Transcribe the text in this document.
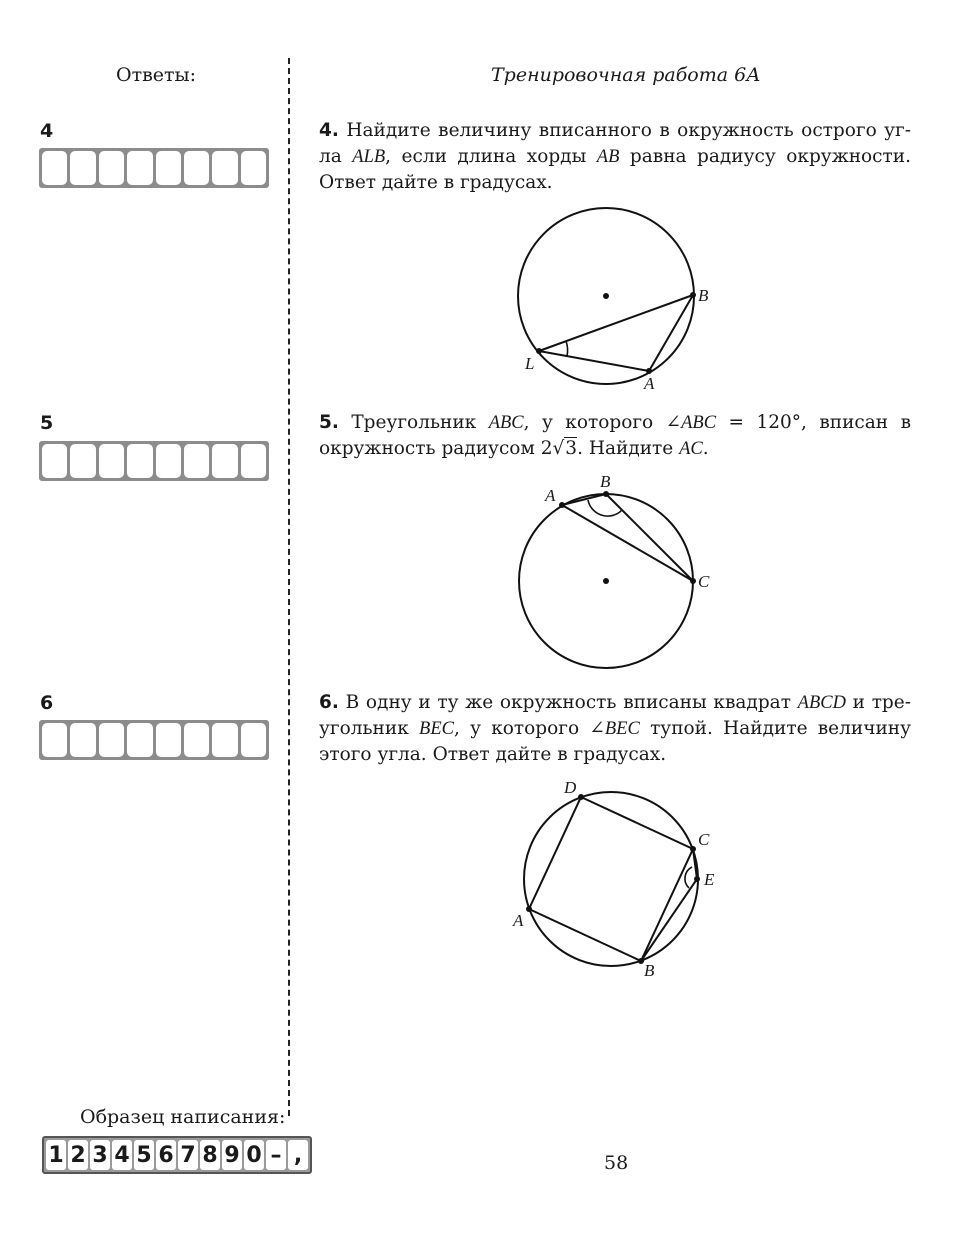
Ответы:	Тренировочная работа 6А
4
5
6
4. Найдите величину вписанного в окружность острого угла ALB, если длина хорды AB равна радиусу окружности. Ответ дайте в градусах.
B
L
A
5. Треугольник ABC, у которого ∠ABC = 120°, вписан в окружность радиусом 2√3. Найдите AC.
A
B
C
6. В одну и ту же окружность вписаны квадрат ABCD и треугольник BEC, у которого ∠BEC тупой. Найдите величину этого угла. Ответ дайте в градусах.
D
C
E
A
B
Образец написания:
1 2 3 4 5 6 7 8 9 0 – ,	58
